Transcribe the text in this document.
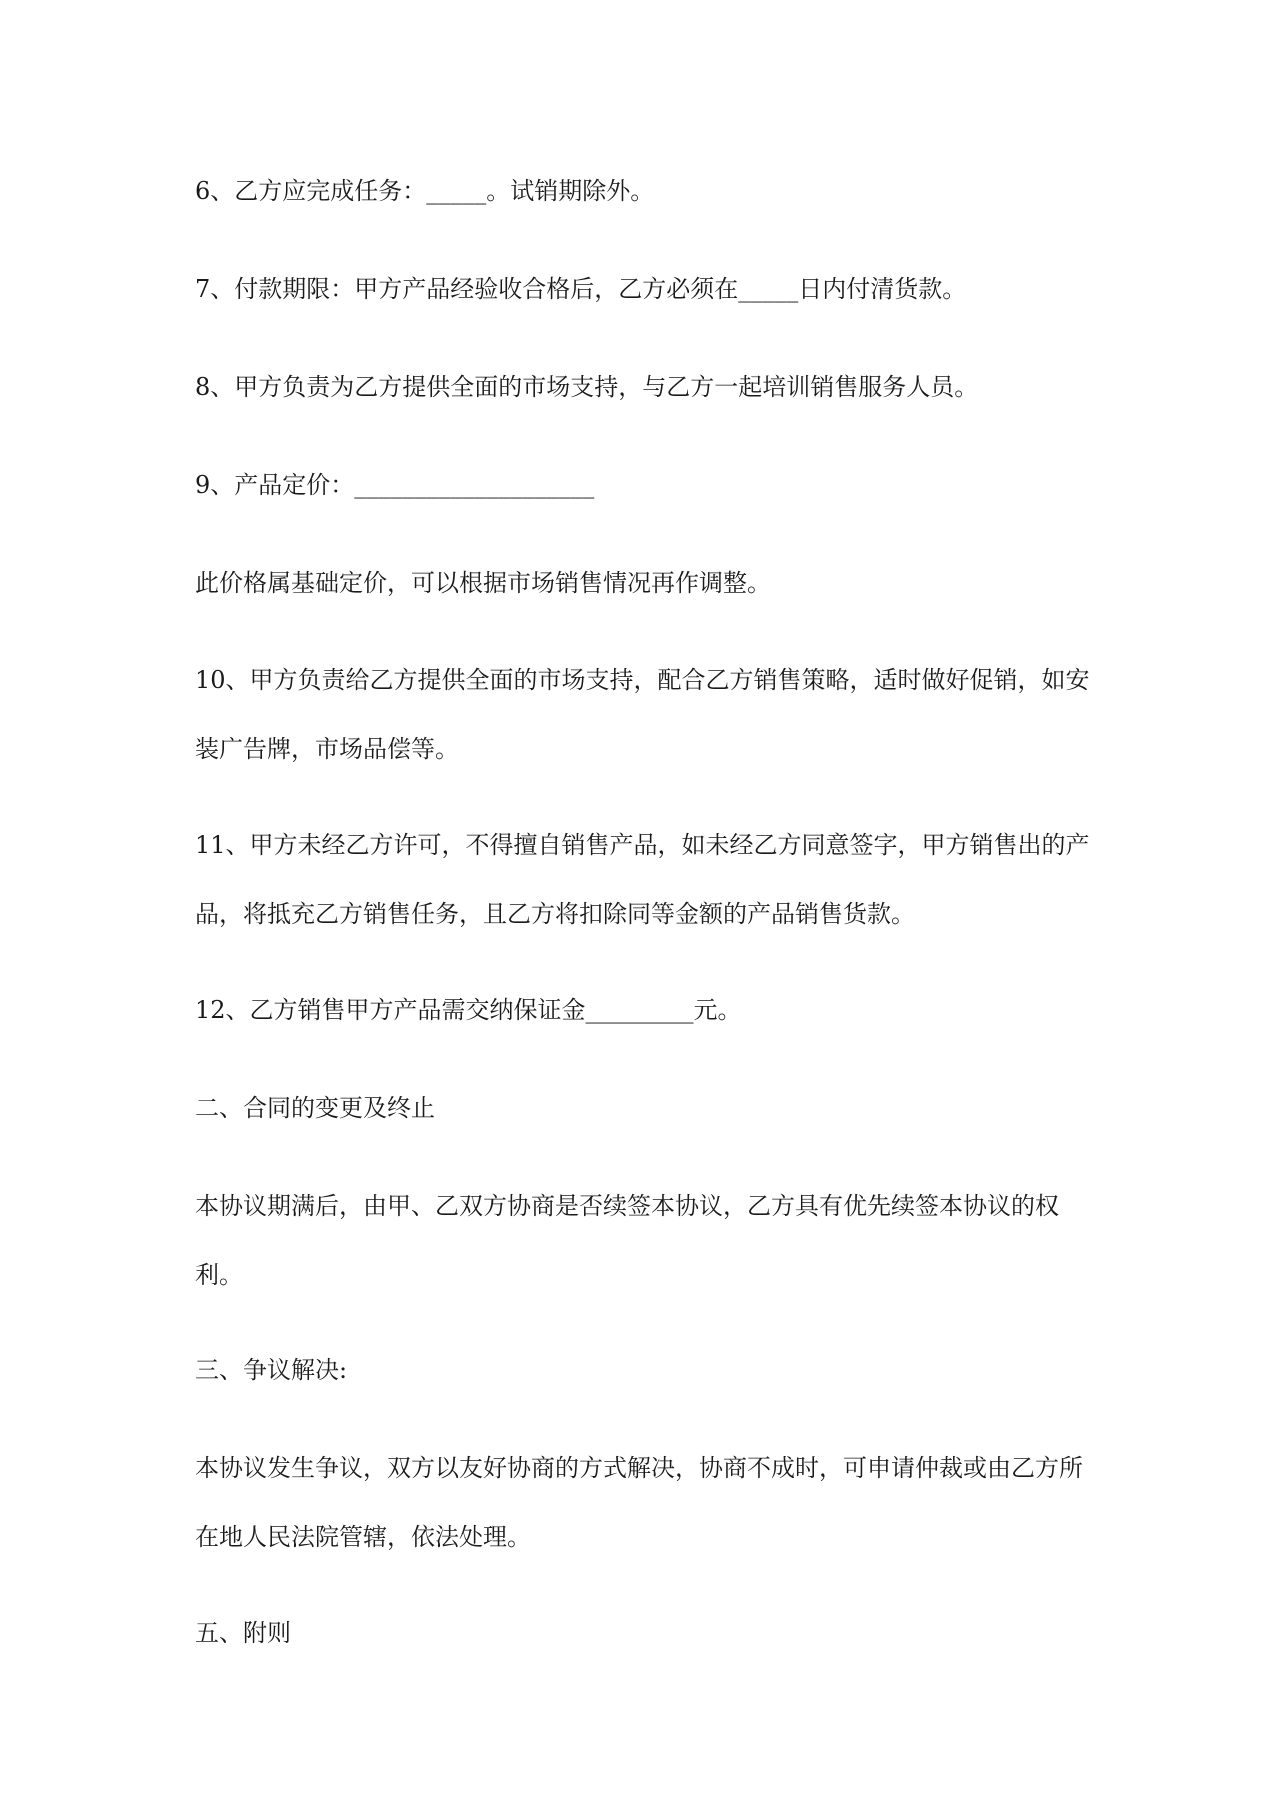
6、乙方应完成任务：_____。试销期除外。

7、付款期限：甲方产品经验收合格后，乙方必须在_____日内付清货款。

8、甲方负责为乙方提供全面的市场支持，与乙方一起培训销售服务人员。

9、产品定价：____________________

此价格属基础定价，可以根据市场销售情况再作调整。

10、甲方负责给乙方提供全面的市场支持，配合乙方销售策略，适时做好促销，如安装广告牌，市场品偿等。

11、甲方未经乙方许可，不得擅自销售产品，如未经乙方同意签字，甲方销售出的产品，将抵充乙方销售任务，且乙方将扣除同等金额的产品销售货款。

12、乙方销售甲方产品需交纳保证金_________元。

二、合同的变更及终止

本协议期满后，由甲、乙双方协商是否续签本协议，乙方具有优先续签本协议的权利。

三、争议解决:

本协议发生争议，双方以友好协商的方式解决，协商不成时，可申请仲裁或由乙方所在地人民法院管辖，依法处理。

五、附则
